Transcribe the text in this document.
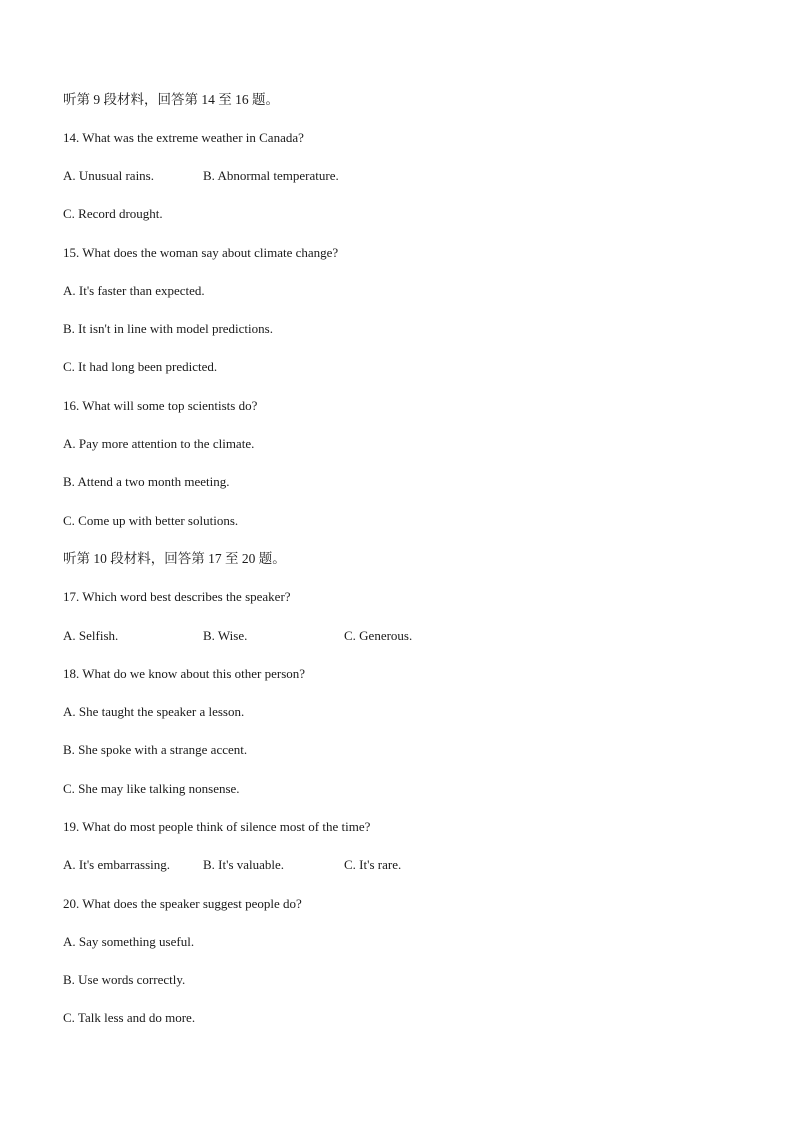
听第 9 段材料，回答第 14 至 16 题。
14. What was the extreme weather in Canada?
A. Unusual rains.	B. Abnormal temperature.
C. Record drought.
15. What does the woman say about climate change?
A. It's faster than expected.
B. It isn't in line with model predictions.
C. It had long been predicted.
16. What will some top scientists do?
A. Pay more attention to the climate.
B. Attend a two month meeting.
C. Come up with better solutions.
听第 10 段材料，回答第 17 至 20 题。
17. Which word best describes the speaker?
A. Selfish.	B. Wise.	C. Generous.
18. What do we know about this other person?
A. She taught the speaker a lesson.
B. She spoke with a strange accent.
C. She may like talking nonsense.
19. What do most people think of silence most of the time?
A. It's embarrassing.	B. It's valuable.	C. It's rare.
20. What does the speaker suggest people do?
A. Say something useful.
B. Use words correctly.
C. Talk less and do more.
